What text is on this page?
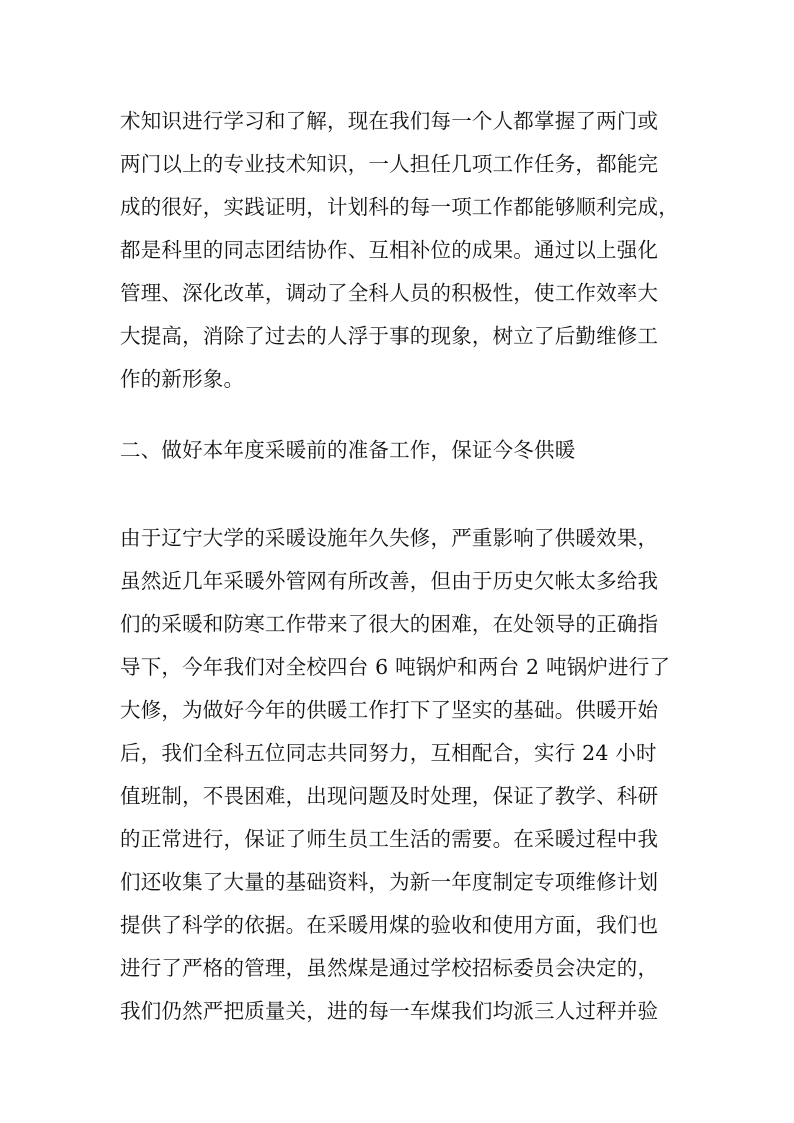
术知识进行学习和了解，现在我们每一个人都掌握了两门或
两门以上的专业技术知识，一人担任几项工作任务，都能完
成的很好，实践证明，计划科的每一项工作都能够顺利完成，
都是科里的同志团结协作、互相补位的成果。通过以上强化
管理、深化改革，调动了全科人员的积极性，使工作效率大
大提高，消除了过去的人浮于事的现象，树立了后勤维修工
作的新形象。
二、做好本年度采暖前的准备工作，保证今冬供暖
由于辽宁大学的采暖设施年久失修，严重影响了供暖效果，
虽然近几年采暖外管网有所改善，但由于历史欠帐太多给我
们的采暖和防寒工作带来了很大的困难，在处领导的正确指
导下，今年我们对全校四台 6 吨锅炉和两台 2 吨锅炉进行了
大修，为做好今年的供暖工作打下了坚实的基础。供暖开始
后，我们全科五位同志共同努力，互相配合，实行 24 小时
值班制，不畏困难，出现问题及时处理，保证了教学、科研
的正常进行，保证了师生员工生活的需要。在采暖过程中我
们还收集了大量的基础资料，为新一年度制定专项维修计划
提供了科学的依据。在采暖用煤的验收和使用方面，我们也
进行了严格的管理，虽然煤是通过学校招标委员会决定的，
我们仍然严把质量关，进的每一车煤我们均派三人过秤并验
